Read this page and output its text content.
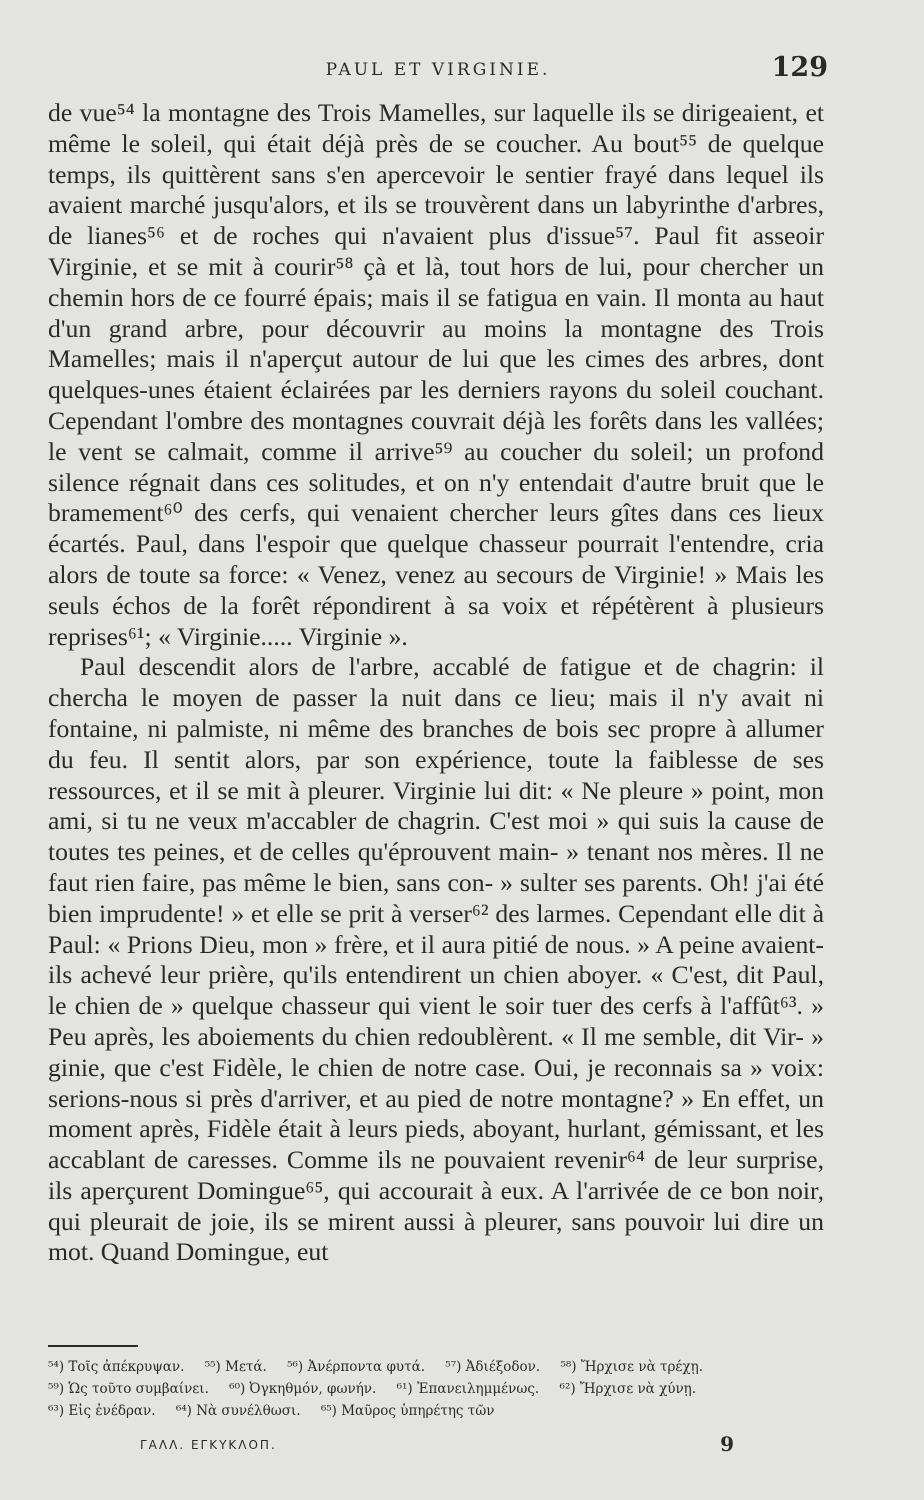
PAUL ET VIRGINIE.	129

de vue⁵⁴ la montagne des Trois Mamelles, sur laquelle ils se dirigeaient, et même le soleil, qui était déjà près de se coucher. Au bout⁵⁵ de quelque temps, ils quittèrent sans s'en apercevoir le sentier frayé dans lequel ils avaient marché jusqu'alors, et ils se trouvèrent dans un labyrinthe d'arbres, de lianes⁵⁶ et de roches qui n'avaient plus d'issue⁵⁷. Paul fit asseoir Virginie, et se mit à courir⁵⁸ çà et là, tout hors de lui, pour chercher un chemin hors de ce fourré épais; mais il se fatigua en vain. Il monta au haut d'un grand arbre, pour découvrir au moins la montagne des Trois Mamelles; mais il n'aperçut autour de lui que les cimes des arbres, dont quelques-unes étaient éclairées par les derniers rayons du soleil couchant. Cependant l'ombre des montagnes couvrait déjà les forêts dans les vallées; le vent se calmait, comme il arrive⁵⁹ au coucher du soleil; un profond silence régnait dans ces solitudes, et on n'y entendait d'autre bruit que le bramement⁶⁰ des cerfs, qui venaient chercher leurs gîtes dans ces lieux écartés. Paul, dans l'espoir que quelque chasseur pourrait l'entendre, cria alors de toute sa force: « Venez, venez au secours de Virginie! » Mais les seuls échos de la forêt répondirent à sa voix et répétèrent à plusieurs reprises⁶¹; « Virginie..... Virginie ».

Paul descendit alors de l'arbre, accablé de fatigue et de chagrin: il chercha le moyen de passer la nuit dans ce lieu; mais il n'y avait ni fontaine, ni palmiste, ni même des branches de bois sec propre à allumer du feu. Il sentit alors, par son expérience, toute la faiblesse de ses ressources, et il se mit à pleurer. Virginie lui dit: « Ne pleure » point, mon ami, si tu ne veux m'accabler de chagrin. C'est moi » qui suis la cause de toutes tes peines, et de celles qu'éprouvent main- » tenant nos mères. Il ne faut rien faire, pas même le bien, sans con- » sulter ses parents. Oh! j'ai été bien imprudente! » et elle se prit à verser⁶² des larmes. Cependant elle dit à Paul: « Prions Dieu, mon » frère, et il aura pitié de nous. » A peine avaient-ils achevé leur prière, qu'ils entendirent un chien aboyer. « C'est, dit Paul, le chien de » quelque chasseur qui vient le soir tuer des cerfs à l'affût⁶³. » Peu après, les aboiements du chien redoublèrent. « Il me semble, dit Vir- » ginie, que c'est Fidèle, le chien de notre case. Oui, je reconnais sa » voix: serions-nous si près d'arriver, et au pied de notre montagne? » En effet, un moment après, Fidèle était à leurs pieds, aboyant, hurlant, gémissant, et les accablant de caresses. Comme ils ne pouvaient revenir⁶⁴ de leur surprise, ils aperçurent Domingue⁶⁵, qui accourait à eux. A l'arrivée de ce bon noir, qui pleurait de joie, ils se mirent aussi à pleurer, sans pouvoir lui dire un mot. Quand Domingue, eut

⁵⁴) Τοῖς ἀπέκρυψαν. ⁵⁵) Μετά. ⁵⁶) Ἀνέρποντα φυτά. ⁵⁷) Ἀδιέξοδον. ⁵⁸) Ἤρχισε νὰ τρέχῃ. ⁵⁹) Ὡς τοῦτο συμβαίνει. ⁶⁰) Ὀγκηθμόν, φωνήν. ⁶¹) Ἐπανειλημμένως. ⁶²) Ἤρχισε νὰ χύνῃ. ⁶³) Εἰς ἐνέδραν. ⁶⁴) Νὰ συνέλθωσι. ⁶⁵) Μαῦρος ὑπηρέτης τῶν
ΓΑΛΛ. ΕΓΚΥΚΛΟΠ.	9
